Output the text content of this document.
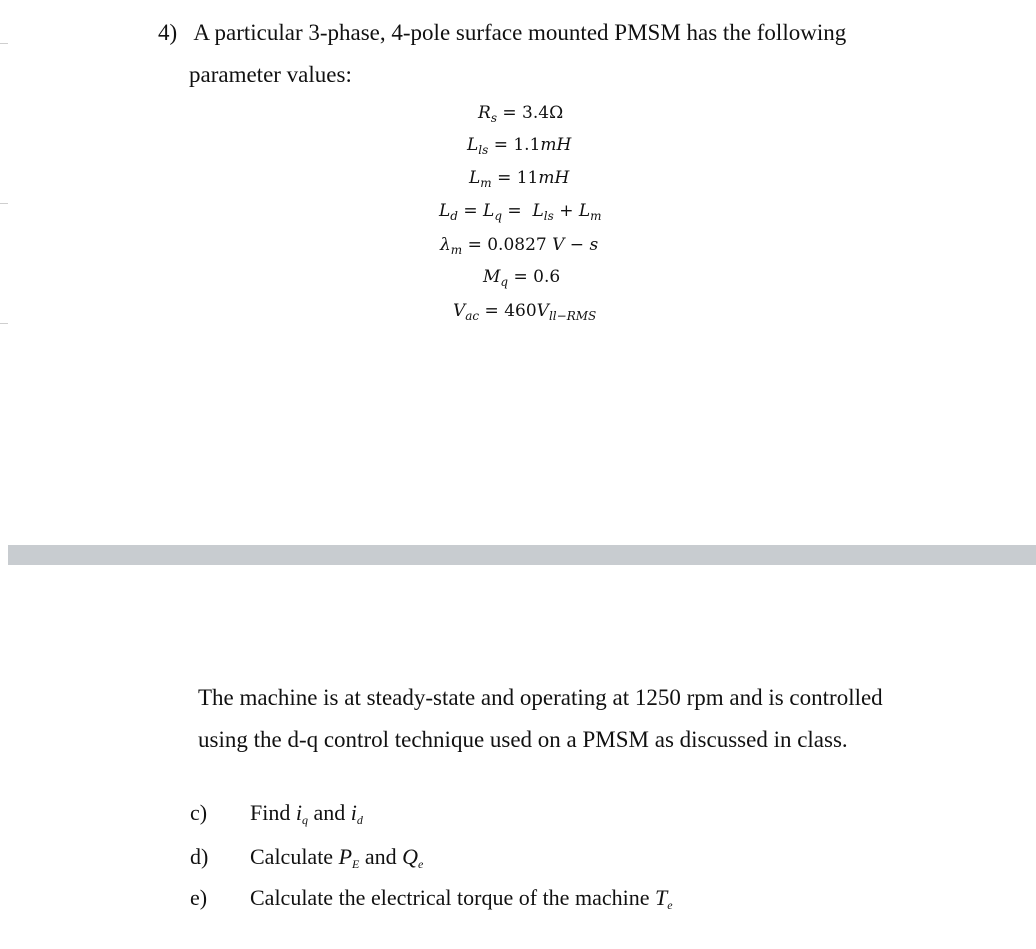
4) A particular 3-phase, 4-pole surface mounted PMSM has the following
parameter values:
$R_s = 3.4\Omega$
$L_{ls} = 1.1mH$
$L_m = 11mH$
$L_d = L_q = L_{ls} + L_m$
$\lambda_m = 0.0827$ V − s
$M_q = 0.6$
$V_{ac} = 460V_{ll-RMS}$
The machine is at steady-state and operating at 1250 rpm and is controlled
using the d-q control technique used on a PMSM as discussed in class.
c) Find $i_q$ and $i_d$
d) Calculate $P_E$ and $Q_e$
e) Calculate the electrical torque of the machine $T_e$
